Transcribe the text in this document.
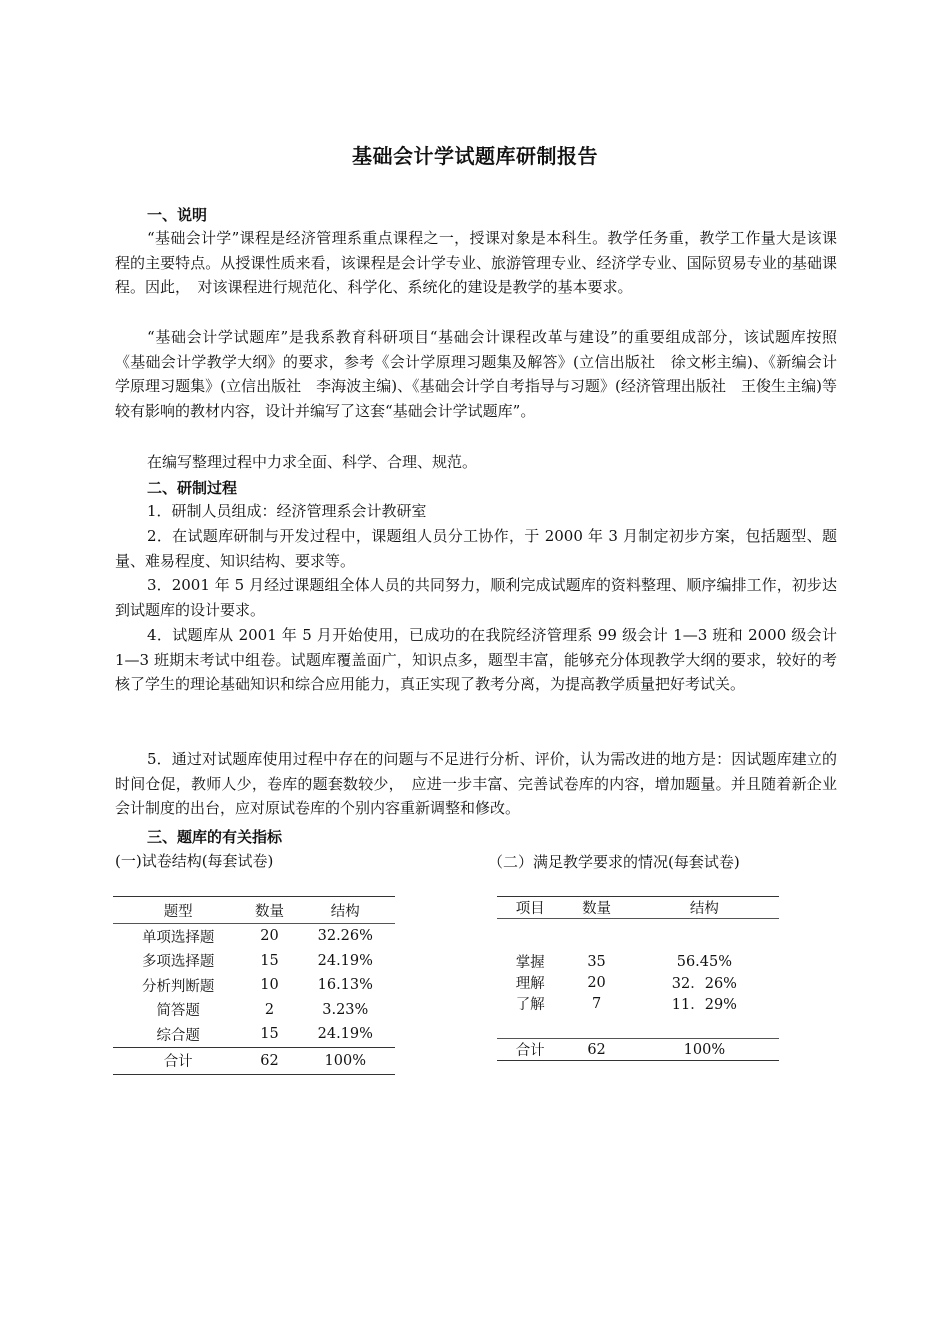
基础会计学试题库研制报告
一、说明

“基础会计学”课程是经济管理系重点课程之一，授课对象是本科生。教学任务重，教学工作量大是该课程的主要特点。从授课性质来看，该课程是会计学专业、旅游管理专业、经济学专业、国际贸易专业的基础课程。因此，　对该课程进行规范化、科学化、系统化的建设是教学的基本要求。

“基础会计学试题库”是我系教育科研项目“基础会计课程改革与建设”的重要组成部分，该试题库按照《基础会计学教学大纲》的要求，参考《会计学原理习题集及解答》(立信出版社　徐文彬主编)、《新编会计学原理习题集》(立信出版社　李海波主编)、《基础会计学自考指导与习题》(经济管理出版社　王俊生主编)等较有影响的教材内容，设计并编写了这套“基础会计学试题库”。

在编写整理过程中力求全面、科学、合理、规范。

二、研制过程

1．研制人员组成：经济管理系会计教研室

2．在试题库研制与开发过程中，课题组人员分工协作，于 2000 年 3 月制定初步方案，包括题型、题量、难易程度、知识结构、要求等。

3．2001 年 5 月经过课题组全体人员的共同努力，顺利完成试题库的资料整理、顺序编排工作，初步达到试题库的设计要求。

4．试题库从 2001 年 5 月开始使用，已成功的在我院经济管理系 99 级会计 1—3 班和 2000 级会计 1—3 班期末考试中组卷。试题库覆盖面广，知识点多，题型丰富，能够充分体现教学大纲的要求，较好的考核了学生的理论基础知识和综合应用能力，真正实现了教考分离，为提高教学质量把好考试关。

5．通过对试题库使用过程中存在的问题与不足进行分析、评价，认为需改进的地方是：因试题库建立的时间仓促，教师人少，卷库的题套数较少，　应进一步丰富、完善试卷库的内容，增加题量。并且随着新企业会计制度的出台，应对原试卷库的个别内容重新调整和修改。

三、题库的有关指标
(一)试卷结构(每套试卷)	（二）满足教学要求的情况(每套试卷)
题型	数量	结构
单项选择题	20	32.26%
多项选择题	15	24.19%
分析判断题	10	16.13%
简答题	2	3.23%
综合题	15	24.19%
合计	62	100%
项目	数量	结构

掌握	35	56.45%
理解	20	32．26%
了解	7	11．29%

合计	62	100%
